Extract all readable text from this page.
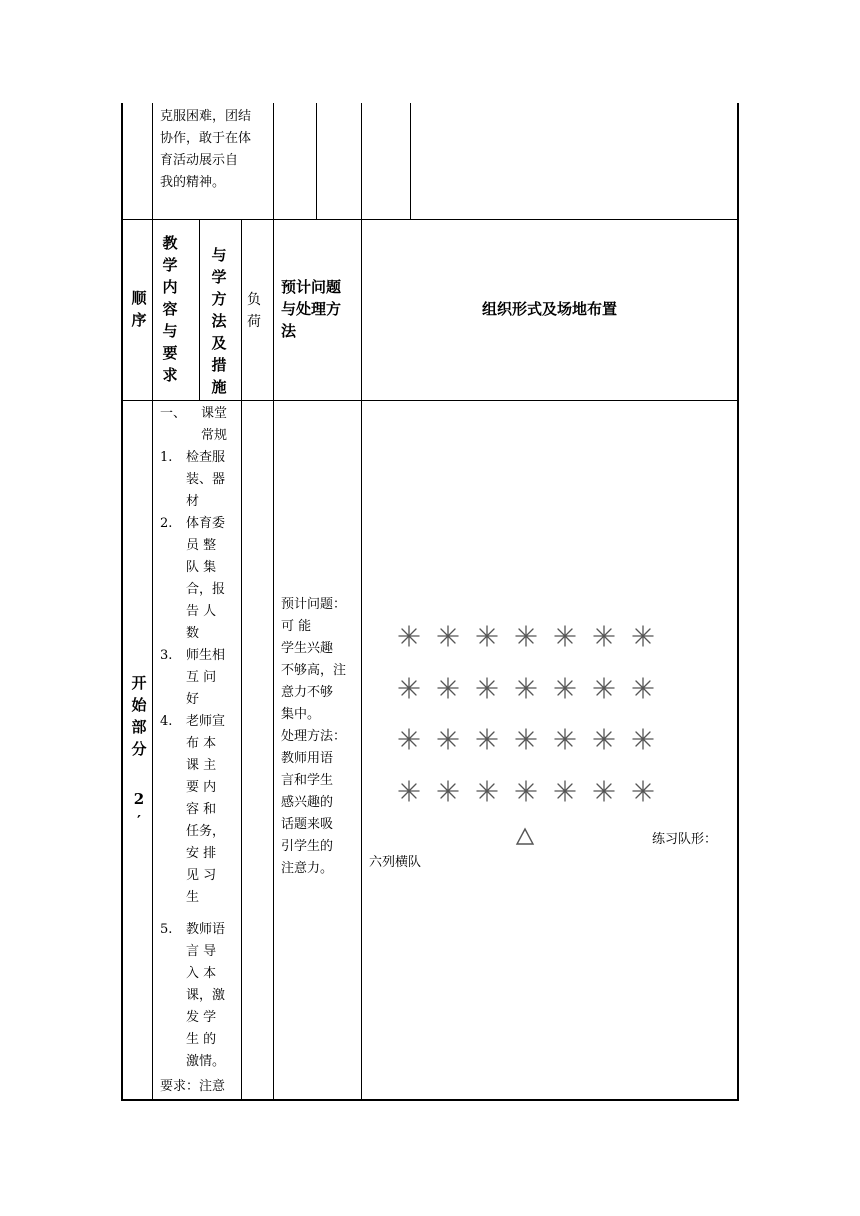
克服困难，团结
协作，敢于在体
育活动展示自
我的精神。
顺
序
教
学
内
容
与
要
求
与
学
方
法
及
措
施
负
荷
预计问题
与处理方
法
组织形式及场地布置
开
始
部
分
2
′
一、 课堂
常规
1. 检查服
装、器
材
2. 体育委
员 整
队 集
合，报
告 人
数
3. 师生相
互 问
好
4. 老师宣
布 本
课 主
要 内
容 和
任务，
安 排
见 习
生
5. 教师语
言 导
入 本
课，激
发 学
生 的
激情。
要求：注意
预计问题：
可 能
学生兴趣
不够高，注
意力不够
集中。
处理方法：
教师用语
言和学生
感兴趣的
话题来吸
引学生的
注意力。
练习队形：
六列横队
